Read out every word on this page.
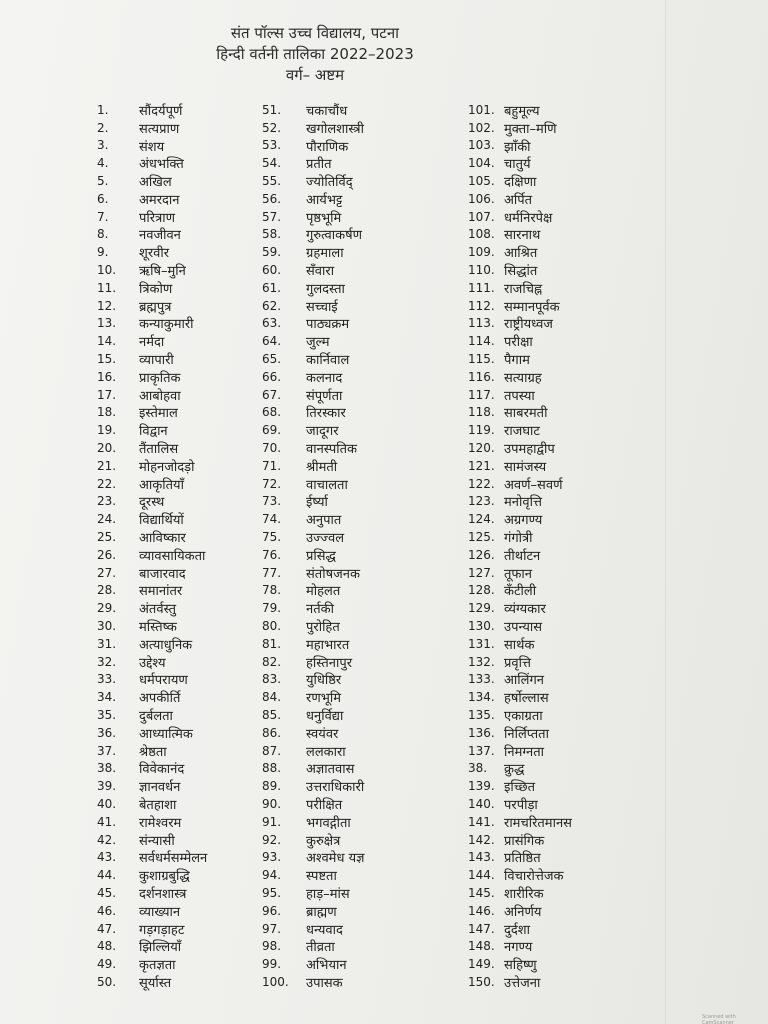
संत पॉल्स उच्च विद्यालय, पटना
हिन्दी वर्तनी तालिका 2022–2023
वर्ग– अष्टम
1.	सौंदर्यपूर्ण
2.	सत्यप्राण
3.	संशय
4.	अंधभक्ति
5.	अखिल
6.	अमरदान
7.	परित्राण
8.	नवजीवन
9.	शूरवीर
10.	ऋषि–मुनि
11.	त्रिकोण
12.	ब्रह्मपुत्र
13.	कन्याकुमारी
14.	नर्मदा
15.	व्यापारी
16.	प्राकृतिक
17.	आबोहवा
18.	इस्तेमाल
19.	विद्वान
20.	तैंतालिस
21.	मोहनजोदड़ो
22.	आकृतियाँ
23.	दूरस्थ
24.	विद्यार्थियों
25.	आविष्कार
26.	व्यावसायिकता
27.	बाजारवाद
28.	समानांतर
29.	अंतर्वस्तु
30.	मस्तिष्क
31.	अत्याधुनिक
32.	उद्देश्य
33.	धर्मपरायण
34.	अपकीर्ति
35.	दुर्बलता
36.	आध्यात्मिक
37.	श्रेष्ठता
38.	विवेकानंद
39.	ज्ञानवर्धन
40.	बेतहाशा
41.	रामेश्वरम
42.	संन्यासी
43.	सर्वधर्मसम्मेलन
44.	कुशाग्रबुद्धि
45.	दर्शनशास्त्र
46.	व्याख्यान
47.	गड़गड़ाहट
48.	झिल्लियाँ
49.	कृतज्ञता
50.	सूर्यास्त
51.	चकाचौंध
52.	खगोलशास्त्री
53.	पौराणिक
54.	प्रतीत
55.	ज्योतिर्विद्
56.	आर्यभट्ट
57.	पृष्ठभूमि
58.	गुरुत्वाकर्षण
59.	ग्रहमाला
60.	सँवारा
61.	गुलदस्ता
62.	सच्चाई
63.	पाठ्यक्रम
64.	जुल्म
65.	कार्निवाल
66.	कलनाद
67.	संपूर्णता
68.	तिरस्कार
69.	जादूगर
70.	वानस्पतिक
71.	श्रीमती
72.	वाचालता
73.	ईर्ष्या
74.	अनुपात
75.	उज्ज्वल
76.	प्रसिद्ध
77.	संतोषजनक
78.	मोहलत
79.	नर्तकी
80.	पुरोहित
81.	महाभारत
82.	हस्तिनापुर
83.	युधिष्ठिर
84.	रणभूमि
85.	धनुर्विद्या
86.	स्वयंवर
87.	ललकारा
88.	अज्ञातवास
89.	उत्तराधिकारी
90.	परीक्षित
91.	भगवद्गीता
92.	कुरुक्षेत्र
93.	अश्वमेध यज्ञ
94.	स्पष्टता
95.	हाड़–मांस
96.	ब्राह्मण
97.	धन्यवाद
98.	तीव्रता
99.	अभियान
100.	उपासक
101. बहुमूल्य
102. मुक्ता–मणि
103. झाँकी
104. चातुर्य
105. दक्षिणा
106. अर्पित
107. धर्मनिरपेक्ष
108. सारनाथ
109. आश्रित
110. सिद्धांत
111. राजचिह्न
112. सम्मानपूर्वक
113. राष्ट्रीयध्वज
114. परीक्षा
115. पैगाम
116. सत्याग्रह
117. तपस्या
118. साबरमती
119. राजघाट
120. उपमहाद्वीप
121. सामंजस्य
122. अवर्ण–सवर्ण
123. मनोवृत्ति
124. अग्रगण्य
125. गंगोत्री
126. तीर्थाटन
127. तूफान
128. कँटीली
129. व्यंग्यकार
130. उपन्यास
131. सार्थक
132. प्रवृत्ति
133. आलिंगन
134. हर्षोल्लास
135. एकाग्रता
136. निर्लिप्तता
137. निमग्नता
38.	क्रुद्ध
139. इच्छित
140. परपीड़ा
141. रामचरितमानस
142. प्रासंगिक
143. प्रतिष्ठित
144. विचारोत्तेजक
145. शारीरिक
146. अनिर्णय
147. दुर्दशा
148. नगण्य
149. सहिष्णु
150. उत्तेजना
Scanned with CamScanner
